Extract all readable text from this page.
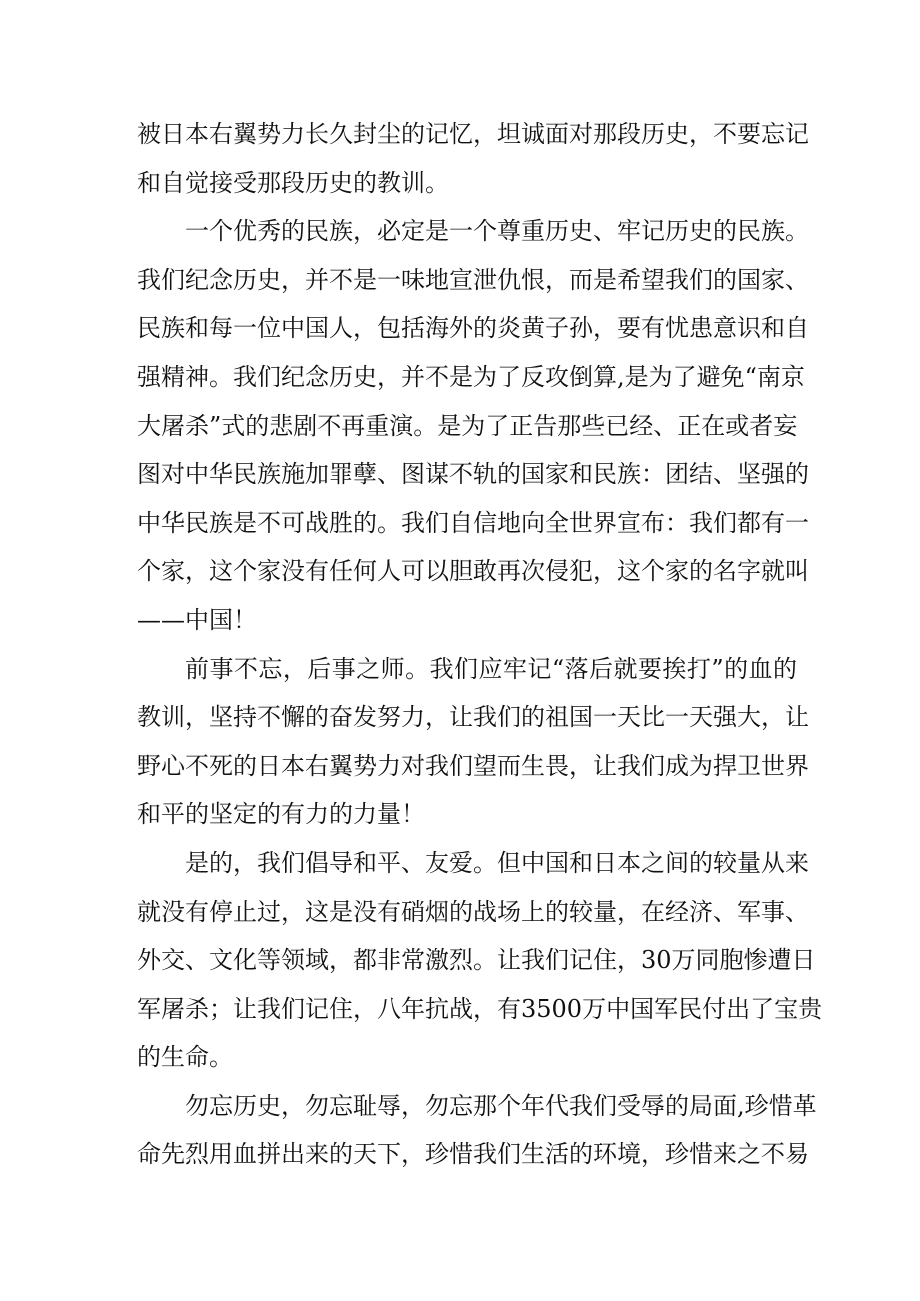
被日本右翼势力长久封尘的记忆，坦诚面对那段历史，不要忘记
和自觉接受那段历史的教训。
一个优秀的民族，必定是一个尊重历史、牢记历史的民族。
我们纪念历史，并不是一味地宣泄仇恨，而是希望我们的国家、
民族和每一位中国人，包括海外的炎黄子孙，要有忧患意识和自
强精神。我们纪念历史，并不是为了反攻倒算,是为了避免“南京
大屠杀”式的悲剧不再重演。是为了正告那些已经、正在或者妄
图对中华民族施加罪孽、图谋不轨的国家和民族：团结、坚强的
中华民族是不可战胜的。我们自信地向全世界宣布：我们都有一
个家，这个家没有任何人可以胆敢再次侵犯，这个家的名字就叫
——中国！
前事不忘，后事之师。我们应牢记“落后就要挨打”的血的
教训，坚持不懈的奋发努力，让我们的祖国一天比一天强大，让
野心不死的日本右翼势力对我们望而生畏，让我们成为捍卫世界
和平的坚定的有力的力量！
是的，我们倡导和平、友爱。但中国和日本之间的较量从来
就没有停止过，这是没有硝烟的战场上的较量，在经济、军事、
外交、文化等领域，都非常激烈。让我们记住，30万同胞惨遭日
军屠杀；让我们记住，八年抗战，有3500万中国军民付出了宝贵
的生命。
勿忘历史，勿忘耻辱，勿忘那个年代我们受辱的局面,珍惜革
命先烈用血拼出来的天下，珍惜我们生活的环境，珍惜来之不易
